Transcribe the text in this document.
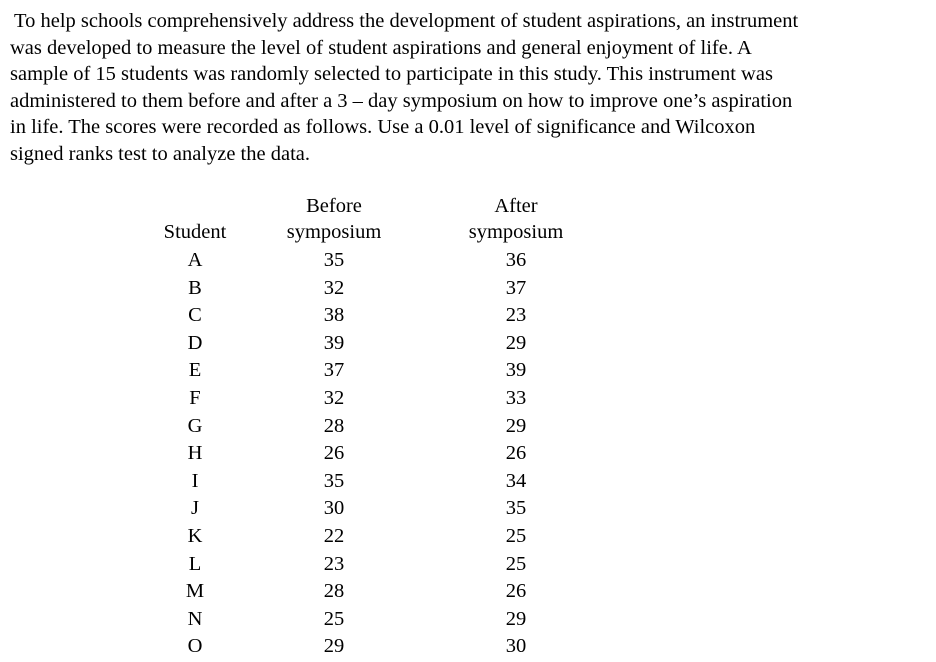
To help schools comprehensively address the development of student aspirations, an instrument
was developed to measure the level of student aspirations and general enjoyment of life. A
sample of 15 students was randomly selected to participate in this study. This instrument was
administered to them before and after a 3 – day symposium on how to improve one’s aspiration
in life. The scores were recorded as follows. Use a 0.01 level of significance and Wilcoxon
signed ranks test to analyze the data.
Student
A
B
C
D
E
F
G
H
I
J
K
L
M
N
O
Before
symposium
35
32
38
39
37
32
28
26
35
30
22
23
28
25
29
After
symposium
36
37
23
29
39
33
29
26
34
35
25
25
26
29
30
